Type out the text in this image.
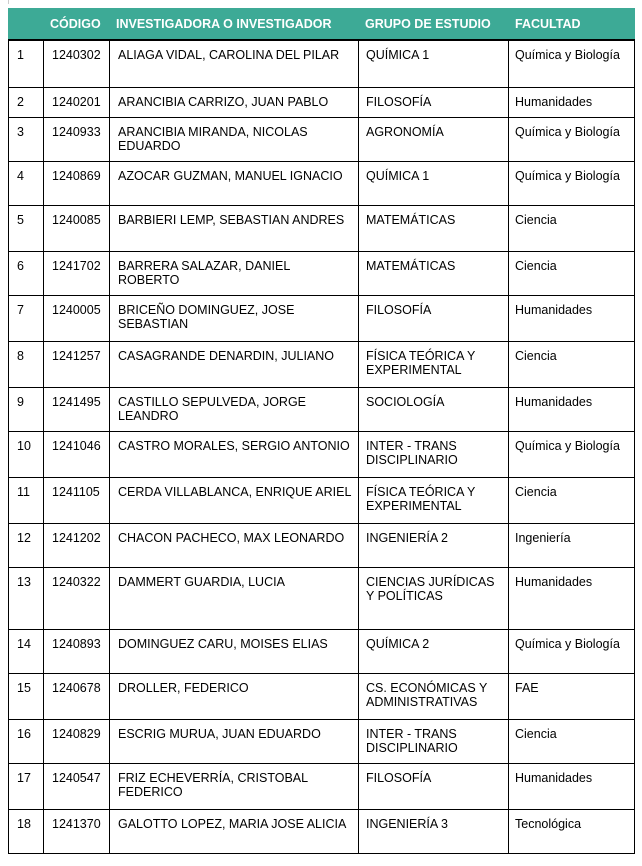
	CÓDIGO	INVESTIGADORA O INVESTIGADOR	GRUPO DE ESTUDIO	FACULTAD
1	1240302	ALIAGA VIDAL, CAROLINA DEL PILAR	QUÍMICA 1	Química y Biología
2	1240201	ARANCIBIA CARRIZO, JUAN PABLO	FILOSOFÍA	Humanidades
3	1240933	ARANCIBIA MIRANDA, NICOLAS EDUARDO	AGRONOMÍA	Química y Biología
4	1240869	AZOCAR GUZMAN, MANUEL IGNACIO	QUÍMICA 1	Química y Biología
5	1240085	BARBIERI LEMP, SEBASTIAN ANDRES	MATEMÁTICAS	Ciencia
6	1241702	BARRERA SALAZAR, DANIEL ROBERTO	MATEMÁTICAS	Ciencia
7	1240005	BRICEÑO DOMINGUEZ, JOSE SEBASTIAN	FILOSOFÍA	Humanidades
8	1241257	CASAGRANDE DENARDIN, JULIANO	FÍSICA TEÓRICA Y EXPERIMENTAL	Ciencia
9	1241495	CASTILLO SEPULVEDA, JORGE LEANDRO	SOCIOLOGÍA	Humanidades
10	1241046	CASTRO MORALES, SERGIO ANTONIO	INTER - TRANS DISCIPLINARIO	Química y Biología
11	1241105	CERDA VILLABLANCA, ENRIQUE ARIEL	FÍSICA TEÓRICA Y EXPERIMENTAL	Ciencia
12	1241202	CHACON PACHECO, MAX LEONARDO	INGENIERÍA 2	Ingeniería
13	1240322	DAMMERT GUARDIA, LUCIA	CIENCIAS JURÍDICAS Y POLÍTICAS	Humanidades
14	1240893	DOMINGUEZ CARU, MOISES ELIAS	QUÍMICA 2	Química y Biología
15	1240678	DROLLER, FEDERICO	CS. ECONÓMICAS Y ADMINISTRATIVAS	FAE
16	1240829	ESCRIG MURUA, JUAN EDUARDO	INTER - TRANS DISCIPLINARIO	Ciencia
17	1240547	FRIZ ECHEVERRÍA, CRISTOBAL FEDERICO	FILOSOFÍA	Humanidades
18	1241370	GALOTTO LOPEZ, MARIA JOSE ALICIA	INGENIERÍA 3	Tecnológica
